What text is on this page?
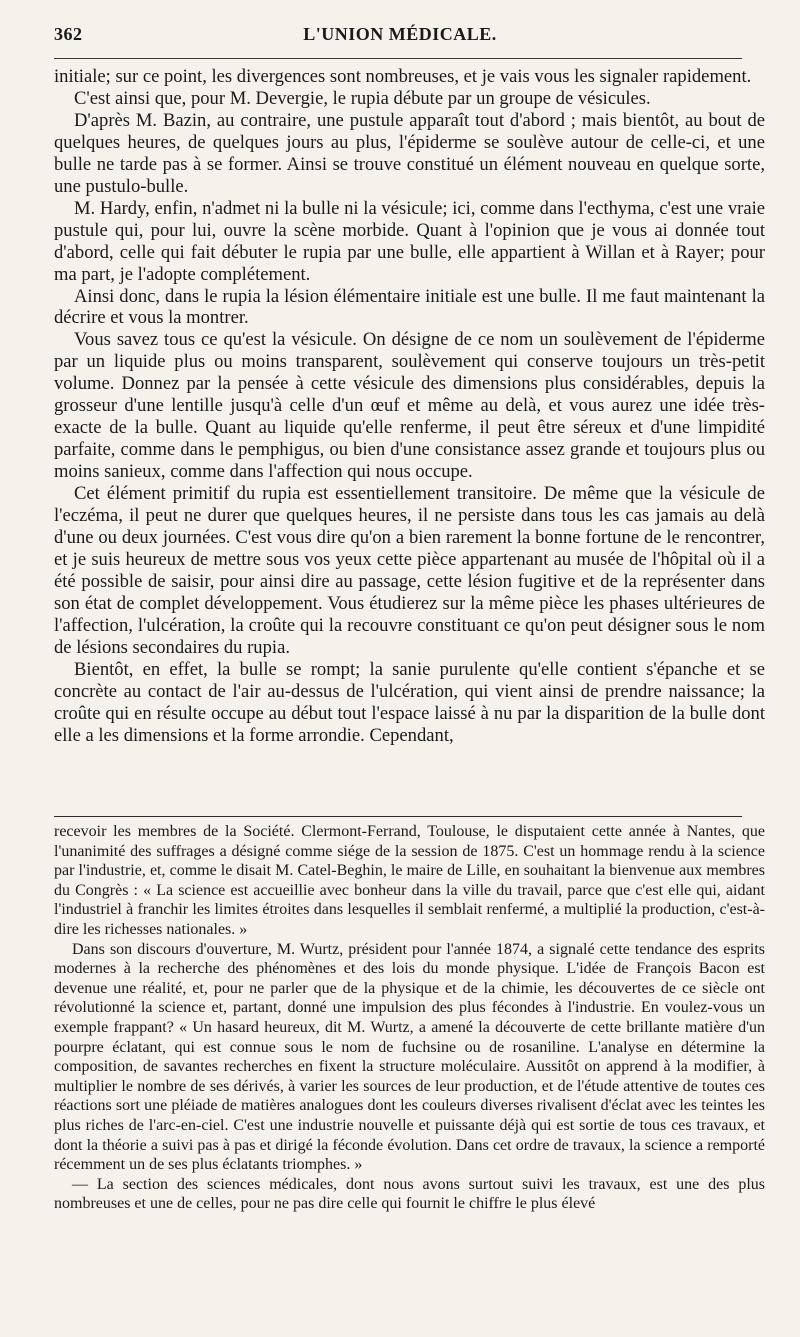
362	L'UNION MÉDICALE.

initiale; sur ce point, les divergences sont nombreuses, et je vais vous les signaler rapidement.

C'est ainsi que, pour M. Devergie, le rupia débute par un groupe de vésicules.

D'après M. Bazin, au contraire, une pustule apparaît tout d'abord ; mais bientôt, au bout de quelques heures, de quelques jours au plus, l'épiderme se soulève autour de celle-ci, et une bulle ne tarde pas à se former. Ainsi se trouve constitué un élément nouveau en quelque sorte, une pustulo-bulle.

M. Hardy, enfin, n'admet ni la bulle ni la vésicule; ici, comme dans l'ecthyma, c'est une vraie pustule qui, pour lui, ouvre la scène morbide. Quant à l'opinion que je vous ai donnée tout d'abord, celle qui fait débuter le rupia par une bulle, elle appartient à Willan et à Rayer; pour ma part, je l'adopte complétement.

Ainsi donc, dans le rupia la lésion élémentaire initiale est une bulle. Il me faut maintenant la décrire et vous la montrer.

Vous savez tous ce qu'est la vésicule. On désigne de ce nom un soulèvement de l'épiderme par un liquide plus ou moins transparent, soulèvement qui conserve toujours un très-petit volume. Donnez par la pensée à cette vésicule des dimensions plus considérables, depuis la grosseur d'une lentille jusqu'à celle d'un œuf et même au delà, et vous aurez une idée très-exacte de la bulle. Quant au liquide qu'elle renferme, il peut être séreux et d'une limpidité parfaite, comme dans le pemphigus, ou bien d'une consistance assez grande et toujours plus ou moins sanieux, comme dans l'affection qui nous occupe.

Cet élément primitif du rupia est essentiellement transitoire. De même que la vésicule de l'eczéma, il peut ne durer que quelques heures, il ne persiste dans tous les cas jamais au delà d'une ou deux journées. C'est vous dire qu'on a bien rarement la bonne fortune de le rencontrer, et je suis heureux de mettre sous vos yeux cette pièce appartenant au musée de l'hôpital où il a été possible de saisir, pour ainsi dire au passage, cette lésion fugitive et de la représenter dans son état de complet développement. Vous étudierez sur la même pièce les phases ultérieures de l'affection, l'ulcération, la croûte qui la recouvre constituant ce qu'on peut désigner sous le nom de lésions secondaires du rupia.

Bientôt, en effet, la bulle se rompt; la sanie purulente qu'elle contient s'épanche et se concrète au contact de l'air au-dessus de l'ulcération, qui vient ainsi de prendre naissance; la croûte qui en résulte occupe au début tout l'espace laissé à nu par la disparition de la bulle dont elle a les dimensions et la forme arrondie. Cependant,

recevoir les membres de la Société. Clermont-Ferrand, Toulouse, le disputaient cette année à Nantes, que l'unanimité des suffrages a désigné comme siége de la session de 1875. C'est un hommage rendu à la science par l'industrie, et, comme le disait M. Catel-Beghin, le maire de Lille, en souhaitant la bienvenue aux membres du Congrès : « La science est accueillie avec bonheur dans la ville du travail, parce que c'est elle qui, aidant l'industriel à franchir les limites étroites dans lesquelles il semblait renfermé, a multiplié la production, c'est-à-dire les richesses nationales. »

Dans son discours d'ouverture, M. Wurtz, président pour l'année 1874, a signalé cette tendance des esprits modernes à la recherche des phénomènes et des lois du monde physique. L'idée de François Bacon est devenue une réalité, et, pour ne parler que de la physique et de la chimie, les découvertes de ce siècle ont révolutionné la science et, partant, donné une impulsion des plus fécondes à l'industrie. En voulez-vous un exemple frappant? « Un hasard heureux, dit M. Wurtz, a amené la découverte de cette brillante matière d'un pourpre éclatant, qui est connue sous le nom de fuchsine ou de rosaniline. L'analyse en détermine la composition, de savantes recherches en fixent la structure moléculaire. Aussitôt on apprend à la modifier, à multiplier le nombre de ses dérivés, à varier les sources de leur production, et de l'étude attentive de toutes ces réactions sort une pléiade de matières analogues dont les couleurs diverses rivalisent d'éclat avec les teintes les plus riches de l'arc-en-ciel. C'est une industrie nouvelle et puissante déjà qui est sortie de tous ces travaux, et dont la théorie a suivi pas à pas et dirigé la féconde évolution. Dans cet ordre de travaux, la science a remporté récemment un de ses plus éclatants triomphes. »

— La section des sciences médicales, dont nous avons surtout suivi les travaux, est une des plus nombreuses et une de celles, pour ne pas dire celle qui fournit le chiffre le plus élevé
